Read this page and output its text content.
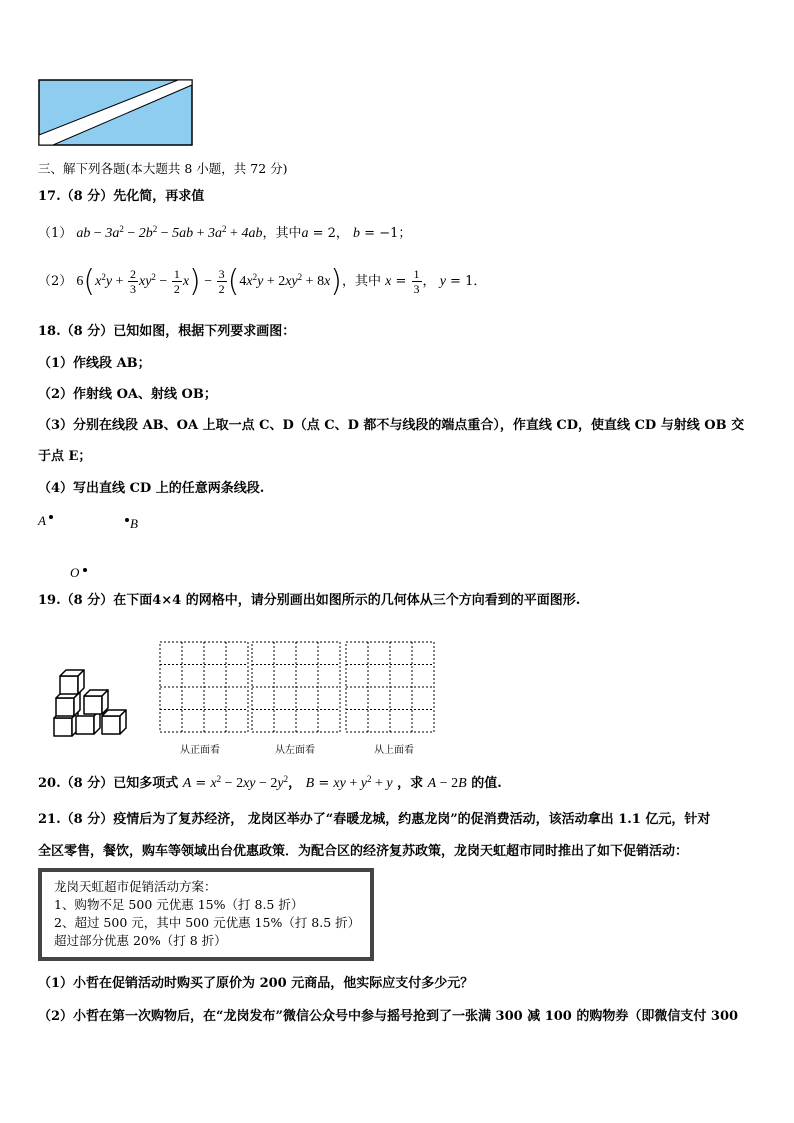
三、解下列各题(本大题共 8 小题，共 72 分)
17.（8 分）先化简，再求值
（1） ab − $3a^2 - 2b^2 - 5ab + 3a^2 + 4ab$，其中a = 2， b = −1；
（2） $6(x^2y + \frac{2}{3} xy^2 - \frac{1}{2} x) - \frac{3}{2} (4x^2y + 2xy^2 + 8x)$，其中 $x = \frac{1}{3}$ ， y = 1．
18.（8 分）已知如图，根据下列要求画图：
（1）作线段 AB；
（2）作射线 OA、射线 OB；
（3）分别在线段 AB、OA 上取一点 C、D（点 C、D 都不与线段的端点重合），作直线 CD，使直线 CD 与射线 OB 交
于点 E；
（4）写出直线 CD 上的任意两条线段.
A	B
O
19.（8 分）在下面4×4 的网格中，请分别画出如图所示的几何体从三个方向看到的平面图形.
从正面看	从左面看	从上面看
20.（8 分）已知多项式 $A = x^2 - 2xy - 2y^2$， B = xy + $y^2 + y$ ，求 A − 2B 的值.
21.（8 分）疫情后为了复苏经济， 龙岗区举办了“春暖龙城，约惠龙岗”的促消费活动，该活动拿出 1.1 亿元，针对
全区零售，餐饮，购车等领域出台优惠政策．为配合区的经济复苏政策，龙岗天虹超市同时推出了如下促销活动：
龙岗天虹超市促销活动方案：
1、购物不足 500 元优惠 15%（打 8.5 折）
2、超过 500 元，其中 500 元优惠 15%（打 8.5 折）
超过部分优惠 20%（打 8 折）
（1）小哲在促销活动时购买了原价为 200 元商品，他实际应支付多少元？
（2）小哲在第一次购物后，在“龙岗发布”微信公众号中参与摇号抢到了一张满 300 减 100 的购物券（即微信支付 300
